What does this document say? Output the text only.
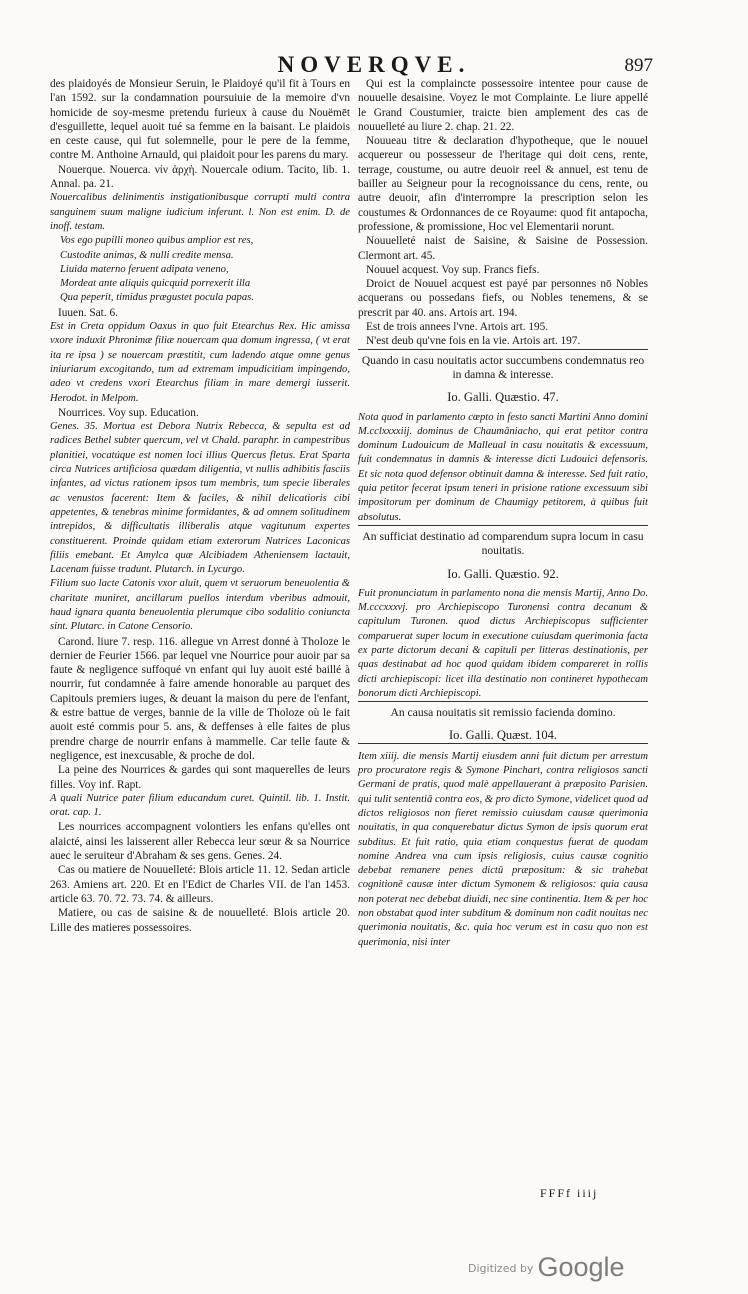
NOVERQVE.	897

des plaidoyés de Monsieur Seruin, le Plaidoyé qu'il fit à Tours en l'an 1592. sur la condamnation poursuiuie de la memoire d'vn homicide de soy-mesme pretendu furieux à cause du Nouëmēt d'esguillette, lequel auoit tué sa femme en la baisant. Le plaidois en ceste cause, qui fut solemnelle, pour le pere de la femme, contre M. Anthoine Arnauld, qui plaidoit pour les parens du mary.

Nouerque. Nouerca. νίν ἀρχὴ. Nouercale odium. Tacito, lib. 1. Annal. pa. 21.

Nouercalibus delinimentis instigationibusque corrupti multi contra sanguinem suum maligne iudicium inferunt. l. Non est enim. D. de inoff. testam.

Vos ego pupilli moneo quibus amplior est res,

Custodite animas, & nulli credite mensa.

Liuida materno feruent adipata veneno,

Mordeat ante aliquis quicquid porrexerit illa

Qua peperit, timidus prægustet pocula papas.

Iuuen. Sat. 6.

Est in Creta oppidum Oaxus in quo fuit Etearchus Rex. Hic amissa vxore induxit Phronimæ filiæ nouercam qua domum ingressa, ( vt erat ita re ipsa ) se nouercam præstitit, cum ladendo atque omne genus iniuriarum excogitando, tum ad extremam impudicitiam impingendo, adeo vt credens vxori Etearchus filiam in mare demergi iusserit. Herodot. in Melpom.

Nourrices. Voy sup. Education.

Genes. 35. Mortua est Debora Nutrix Rebecca, & sepulta est ad radices Bethel subter quercum, vel vt Chald. paraphr. in campestribus planitiei, vocatúque est nomen loci illius Quercus fletus. Erat Sparta circa Nutrices artificiosa quædam diligentia, vt nullis adhibitis fasciis infantes, ad victus rationem ipsos tum membris, tum specie liberales ac venustos facerent: Item & faciles, & nihil delicatioris cibi appetentes, & tenebras minime formidantes, & ad omnem solitudinem intrepidos, & difficultatis illiberalis atque vagitunum expertes constituerent. Proinde quidam etiam exterorum Nutrices Laconicas filiis emebant. Et Amylca quæ Alcibiadem Atheniensem lactauit, Lacenam fuisse tradunt. Plutarch. in Lycurgo.

Filium suo lacte Catonis vxor aluit, quem vt seruorum beneuolentia & charitate muniret, ancillarum puellos interdum vberibus admouit, haud ignara quanta beneuolentia plerumque cibo sodalitio coniuncta sint. Plutarc. in Catone Censorio.

Carond. liure 7. resp. 116. allegue vn Arrest donné à Tholoze le dernier de Feurier 1566. par lequel vne Nourrice pour auoir par sa faute & negligence suffoqué vn enfant qui luy auoit esté baillé à nourrir, fut condamnée à faire amende honorable au parquet des Capitouls premiers iuges, & deuant la maison du pere de l'enfant, & estre battue de verges, bannie de la ville de Tholoze où le fait auoit esté commis pour 5. ans, & deffenses à elle faites de plus prendre charge de nourrir enfans à mammelle. Car telle faute & negligence, est inexcusable, & proche de dol.

La peine des Nourrices & gardes qui sont maquerelles de leurs filles. Voy inf. Rapt.

A quali Nutrice pater filium educandum curet. Quintil. lib. 1. Instit. orat. cap. 1.

Les nourrices accompagnent volontiers les enfans qu'elles ont alaicté, ainsi les laisserent aller Rebecca leur sœur & sa Nourrice auec le seruiteur d'Abraham & ses gens. Genes. 24.

Cas ou matiere de Nouuelleté: Blois article 11. 12. Sedan article 263. Amiens art. 220. Et en l'Edict de Charles VII. de l'an 1453. article 63. 70. 72. 73. 74. & ailleurs.

Matiere, ou cas de saisine & de nouuelleté. Blois article 20. Lille des matieres possessoires.

Qui est la complaincte possessoire intentee pour cause de nouuelle desaisine. Voyez le mot Complainte. Le liure appellé le Grand Coustumier, traicte bien amplement des cas de nouuelleté au liure 2. chap. 21. 22.

Nouueau titre & declaration d'hypotheque, que le nouuel acquereur ou possesseur de l'heritage qui doit cens, rente, terrage, coustume, ou autre deuoir reel & annuel, est tenu de bailler au Seigneur pour la recognoissance du cens, rente, ou autre deuoir, afin d'interrompre la prescription selon les coustumes & Ordonnances de ce Royaume: quod fit antapocha, professione, & promissione, Hoc vel Elementarii norunt.

Nouuelleté naist de Saisine, & Saisine de Possession. Clermont art. 45.

Nouuel acquest. Voy sup. Francs fiefs.

Droict de Nouuel acquest est payé par personnes nō Nobles acquerans ou possedans fiefs, ou Nobles tenemens, & se prescrit par 40. ans. Artois art. 194.

Est de trois annees l'vne. Artois art. 195.

N'est deub qu'vne fois en la vie. Artois art. 197.

Quando in casu nouitatis actor succumbens condemnatus reo in damna & interesse.

Io. Galli. Quæstio. 47.

Nota quod in parlamento cœpto in festo sancti Martini Anno domini M.cclxxxxiij. dominus de Chaumāniacho, qui erat petitor contra dominum Ludouicum de Malleual in casu nouitatis & excessuum, fuit condemnatus in damnis & interesse dicti Ludouici defensoris. Et sic nota quod defensor obtinuit damna & interesse. Sed fuit ratio, quia petitor fecerat ipsum teneri in prisione ratione excessuum sibi impositorum per dominum de Chaumigy petitorem, à quibus fuit absolutus.

An sufficiat destinatio ad comparendum supra locum in casu nouitatis.

Io. Galli. Quæstio. 92.

Fuit pronunciatum in parlamento nona die mensis Martij, Anno Do. M.cccxxxvj. pro Archiepiscopo Turonensi contra decanum & capitulum Turonen. quod dictus Archiepiscopus sufficienter comparuerat super locum in executione cuiusdam querimonia facta ex parte dictorum decani & capituli per litteras destinationis, per quas destinabat ad hoc quod quidam ibidem compareret in rollis dicti archiepiscopi: licet illa destinatio non contineret hypothecam bonorum dicti Archiepiscopi.

An causa nouitatis sit remissio facienda domino.

Io. Galli. Quæst. 104.

Item xiiij. die mensis Martij eiusdem anni fuit dictum per arrestum pro procuratore regis & Symone Pinchart, contra religiosos sancti Germani de pratis, quod malè appellauerant à præposito Parisien. qui tulit sententiā contra eos, & pro dicto Symone, videlicet quod ad dictos religiosos non fieret remissio cuiusdam causæ querimonia nouitatis, in qua conquerebatur dictus Symon de ipsis quorum erat subditus. Et fuit ratio, quia etiam conquestus fuerat de quodam nomine Andrea vna cum ipsis religiosis, cuius causæ cognitio debebat remanere penes dictū præpositum: & sic trahebat cognitionē causæ inter dictum Symonem & religiosos: quia causa non poterat nec debebat diuidi, nec sine continentia. Item & per hoc non obstabat quod inter subditum & dominum non cadit nouitas nec querimonia nouitatis, &c. quia hoc verum est in casu quo non est querimonia, nisi inter

FFFf iiij
$^{Digitized by}$ Google
